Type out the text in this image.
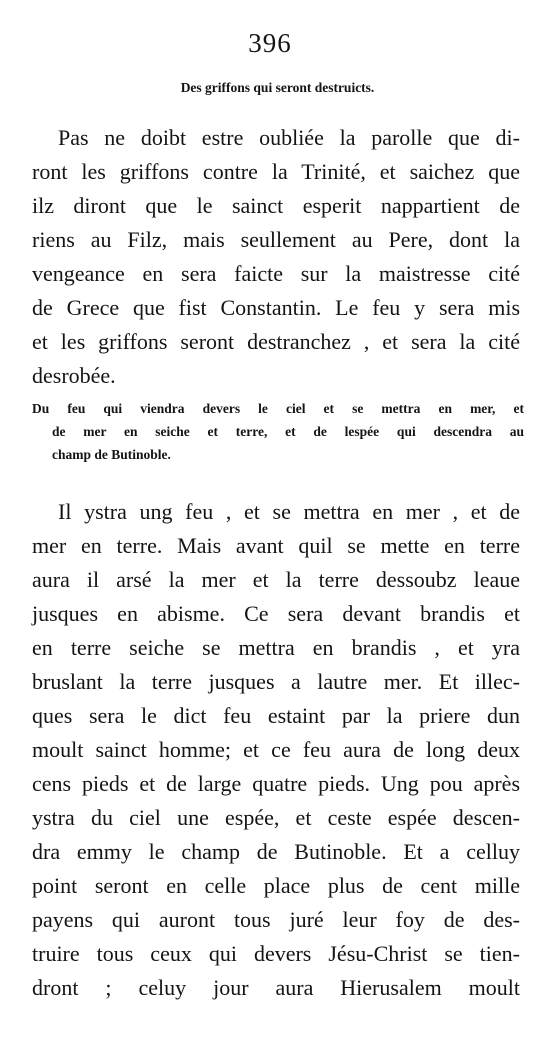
396
Des griffons qui seront destruicts.
Pas ne doibt estre oubliée la parolle que di-
ront les griffons contre la Trinité, et saichez que
ilz diront que le sainct esperit nappartient de
riens au Filz, mais seullement au Pere, dont la
vengeance en sera faicte sur la maistresse cité
de Grece que fist Constantin. Le feu y sera mis
et les griffons seront destranchez , et sera la cité
desrobée.
Du feu qui viendra devers le ciel et se mettra en mer, et
de mer en seiche et terre, et de lespée qui descendra au
champ de Butinoble.
Il ystra ung feu , et se mettra en mer , et de
mer en terre. Mais avant quil se mette en terre
aura il arsé la mer et la terre dessoubz leaue
jusques en abisme. Ce sera devant brandis et
en terre seiche se mettra en brandis , et yra
bruslant la terre jusques a lautre mer. Et illec-
ques sera le dict feu estaint par la priere dun
moult sainct homme; et ce feu aura de long deux
cens pieds et de large quatre pieds. Ung pou après
ystra du ciel une espée, et ceste espée descen-
dra emmy le champ de Butinoble. Et a celluy
point seront en celle place plus de cent mille
payens qui auront tous juré leur foy de des-
truire tous ceux qui devers Jésu-Christ se tien-
dront ; celuy jour aura Hierusalem moult
